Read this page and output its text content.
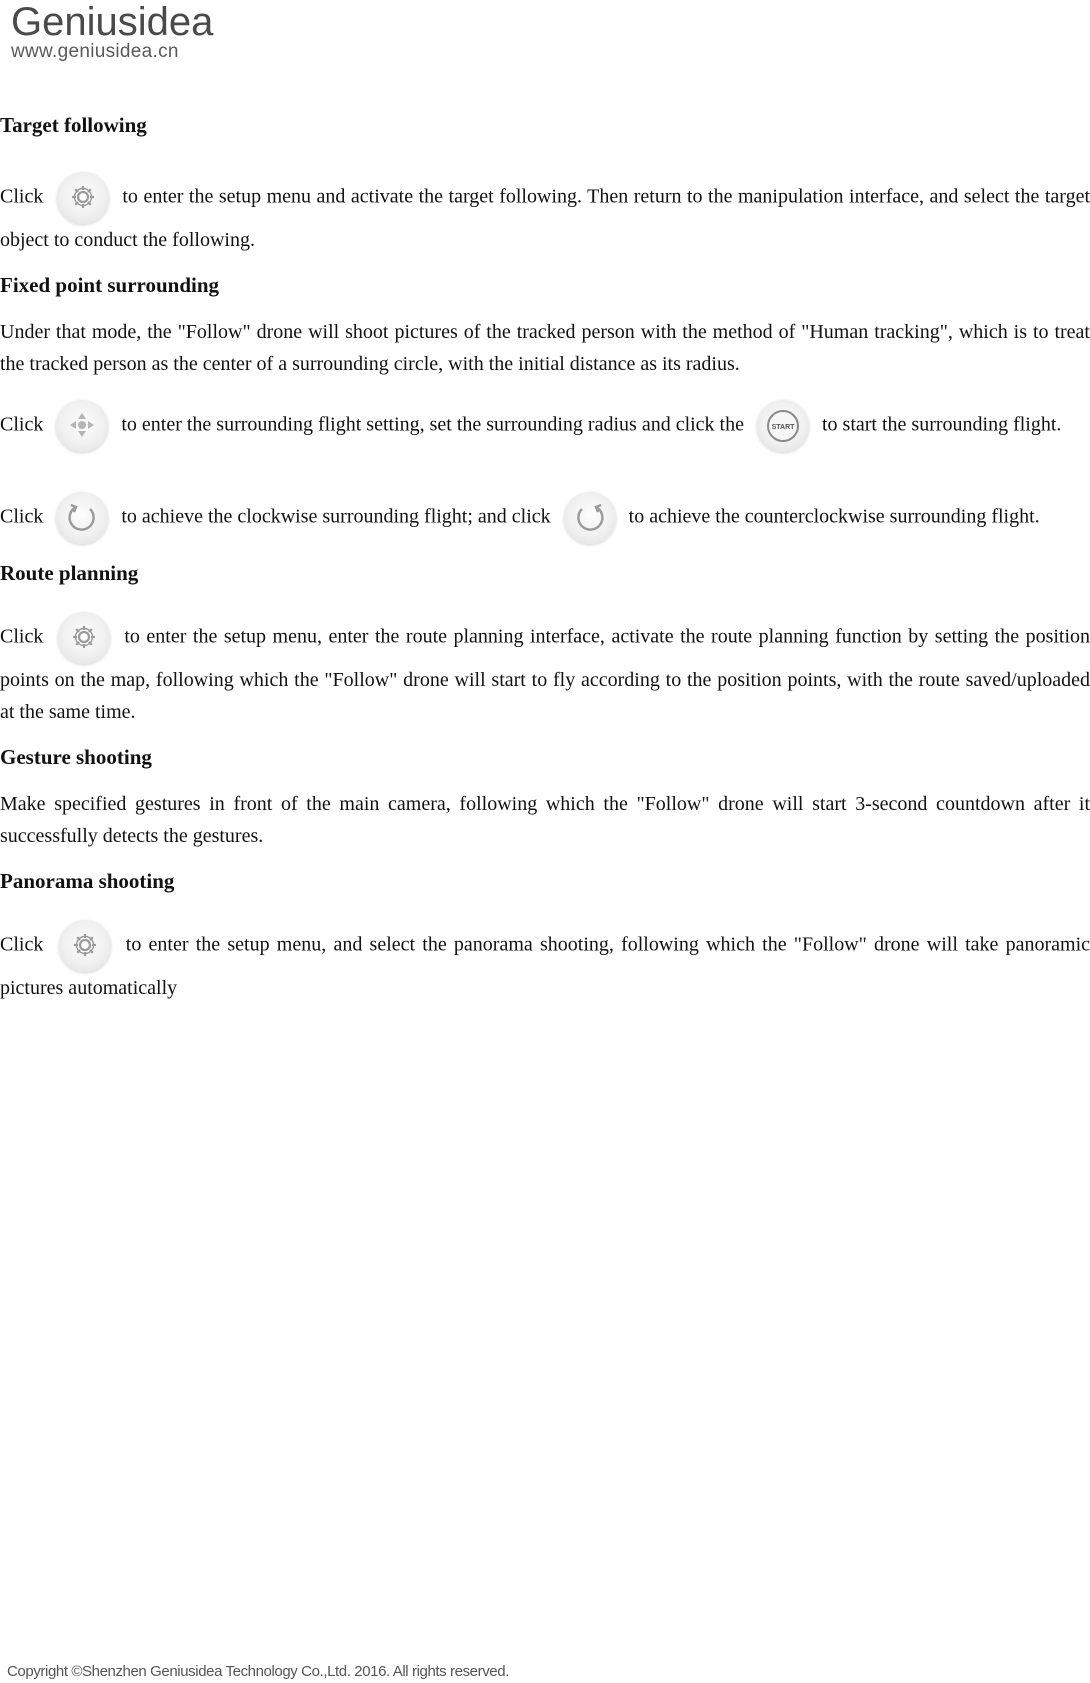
Geniusidea
www.geniusidea.cn
Target following

Click	to enter the setup menu and activate the target following. Then return to the manipulation interface, and select the target object to conduct the following.

Fixed point surrounding

Under that mode, the "Follow" drone will shoot pictures of the tracked person with the method of "Human tracking", which is to treat the tracked person as the center of a surrounding circle, with the initial distance as its radius.

Click	to enter the surrounding flight setting, set the surrounding radius and click the	START to start the surrounding flight.

Click	to achieve the clockwise surrounding flight; and click	to achieve the counterclockwise surrounding flight.

Route planning

Click	to enter the setup menu, enter the route planning interface, activate the route planning function by setting the position points on the map, following which the "Follow" drone will start to fly according to the position points, with the route saved/uploaded at the same time.

Gesture shooting

Make specified gestures in front of the main camera, following which the "Follow" drone will start 3-second countdown after it successfully detects the gestures.

Panorama shooting

Click	to enter the setup menu, and select the panorama shooting, following which the "Follow" drone will take panoramic pictures automatically

Copyright ©Shenzhen Geniusidea Technology Co.,Ltd. 2016. All rights reserved.
